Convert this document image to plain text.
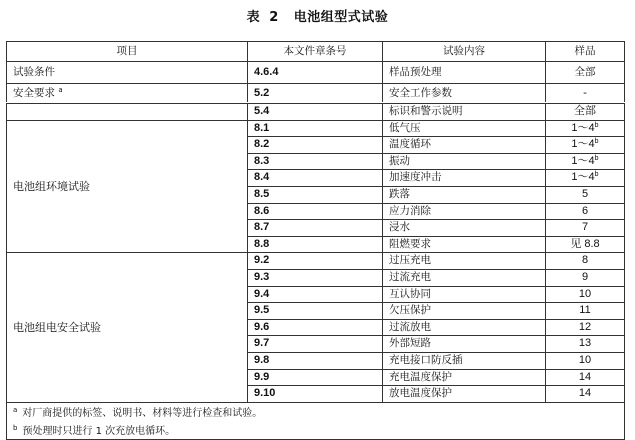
表 2 电池组型式试验
项目	本文件章条号	试验内容	样品
试验条件	4.6.4	样品预处理	全部
安全要求 $^a$	5.2	安全工作参数	-
	5.4	标识和警示说明	全部
电池组环境试验	8.1	低气压	1～4$^b$
	8.2	温度循环	1～4$^b$
	8.3	振动	1～4$^b$
	8.4	加速度冲击	1～4$^b$
	8.5	跌落	5
	8.6	应力消除	6
	8.7	浸水	7
	8.8	阻燃要求	见 8.8
电池组电安全试验	9.2	过压充电	8
	9.3	过流充电	9
	9.4	互认协同	10
	9.5	欠压保护	11
	9.6	过流放电	12
	9.7	外部短路	13
	9.8	充电接口防反插	10
	9.9	充电温度保护	14
	9.10	放电温度保护	14
$^a$ 对厂商提供的标签、说明书、材料等进行检查和试验。			
$^b$ 预处理时只进行 1 次充放电循环。			
